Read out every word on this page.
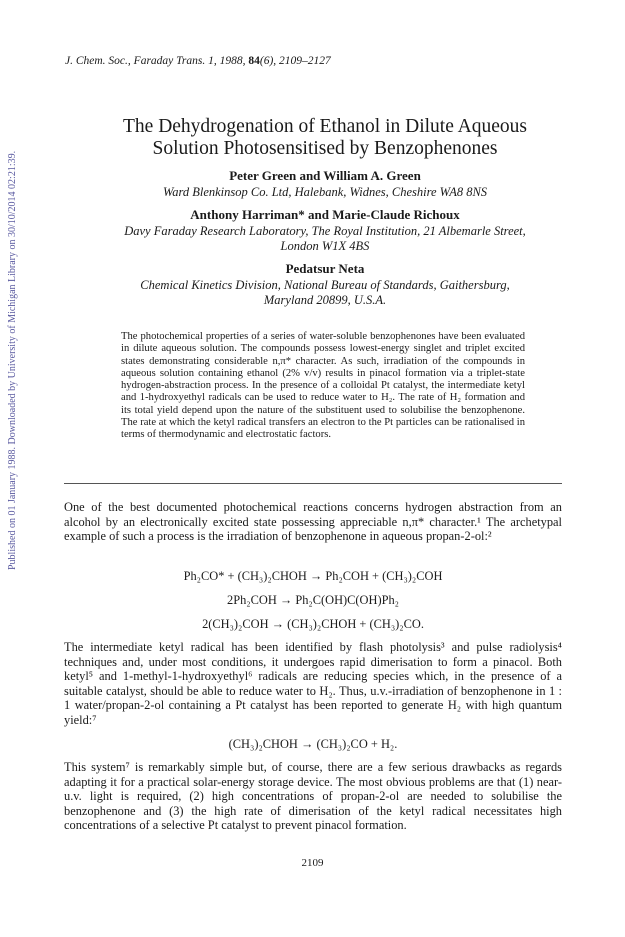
Published on 01 January 1988. Downloaded by University of Michigan Library on 30/10/2014 02:21:39.
J. Chem. Soc., Faraday Trans. 1, 1988, 84(6), 2109–2127
The Dehydrogenation of Ethanol in Dilute Aqueous
Solution Photosensitised by Benzophenones
Peter Green and William A. Green
Ward Blenkinsop Co. Ltd, Halebank, Widnes, Cheshire WA8 8NS
Anthony Harriman* and Marie-Claude Richoux
Davy Faraday Research Laboratory, The Royal Institution, 21 Albemarle Street,
London W1X 4BS
Pedatsur Neta
Chemical Kinetics Division, National Bureau of Standards, Gaithersburg,
Maryland 20899, U.S.A.
The photochemical properties of a series of water-soluble benzophenones have been evaluated in dilute aqueous solution. The compounds possess lowest-energy singlet and triplet excited states demonstrating considerable n,π* character. As such, irradiation of the compounds in aqueous solution containing ethanol (2% v/v) results in pinacol formation via a triplet-state hydrogen-abstraction process. In the presence of a colloidal Pt catalyst, the intermediate ketyl and 1-hydroxyethyl radicals can be used to reduce water to H₂. The rate of H₂ formation and its total yield depend upon the nature of the substituent used to solubilise the benzophenone. The rate at which the ketyl radical transfers an electron to the Pt particles can be rationalised in terms of thermodynamic and electrostatic factors.
One of the best documented photochemical reactions concerns hydrogen abstraction from an alcohol by an electronically excited state possessing appreciable n,π* character.¹ The archetypal example of such a process is the irradiation of benzophenone in aqueous propan-2-ol:²
Ph₂CO* + (CH₃)₂CHOH → Ph₂COH + (CH₃)₂COH
2Ph₂COH → Ph₂C(OH)C(OH)Ph₂
2(CH₃)₂COH → (CH₃)₂CHOH + (CH₃)₂CO.
The intermediate ketyl radical has been identified by flash photolysis³ and pulse radiolysis⁴ techniques and, under most conditions, it undergoes rapid dimerisation to form a pinacol. Both ketyl⁵ and 1-methyl-1-hydroxyethyl⁶ radicals are reducing species which, in the presence of a suitable catalyst, should be able to reduce water to H₂. Thus, u.v.-irradiation of benzophenone in 1 : 1 water/propan-2-ol containing a Pt catalyst has been reported to generate H₂ with high quantum yield:⁷
(CH₃)₂CHOH → (CH₃)₂CO + H₂.
This system⁷ is remarkably simple but, of course, there are a few serious drawbacks as regards adapting it for a practical solar-energy storage device. The most obvious problems are that (1) near-u.v. light is required, (2) high concentrations of propan-2-ol are needed to solubilise the benzophenone and (3) the high rate of dimerisation of the ketyl radical necessitates high concentrations of a selective Pt catalyst to prevent pinacol formation.
2109
